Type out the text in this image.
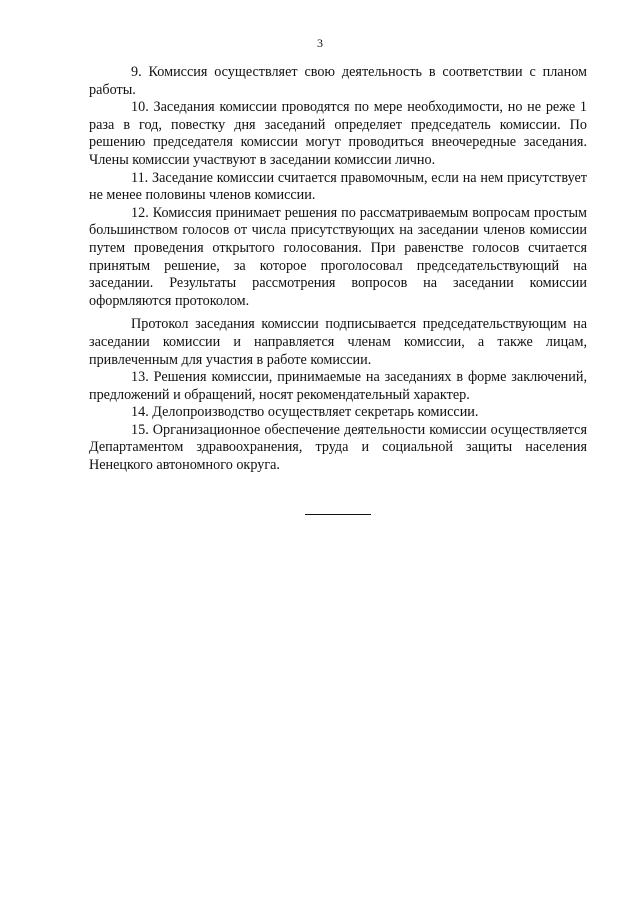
3

9. Комиссия осуществляет свою деятельность в соответствии с планом работы.

10. Заседания комиссии проводятся по мере необходимости, но не реже 1 раза в год, повестку дня заседаний определяет председатель комиссии. По решению председателя комиссии могут проводиться внеочередные заседания. Члены комиссии участвуют в заседании комиссии лично.

11. Заседание комиссии считается правомочным, если на нем присутствует не менее половины членов комиссии.

12. Комиссия принимает решения по рассматриваемым вопросам простым большинством голосов от числа присутствующих на заседании членов комиссии путем проведения открытого голосования. При равенстве голосов считается принятым решение, за которое проголосовал председательствующий на заседании. Результаты рассмотрения вопросов на заседании комиссии оформляются протоколом.

Протокол заседания комиссии подписывается председательствующим на заседании комиссии и направляется членам комиссии, а также лицам, привлеченным для участия в работе комиссии.

13. Решения комиссии, принимаемые на заседаниях в форме заключений, предложений и обращений, носят рекомендательный характер.

14. Делопроизводство осуществляет секретарь комиссии.

15. Организационное обеспечение деятельности комиссии осуществляется Департаментом здравоохранения, труда и социальной защиты населения Ненецкого автономного округа.
